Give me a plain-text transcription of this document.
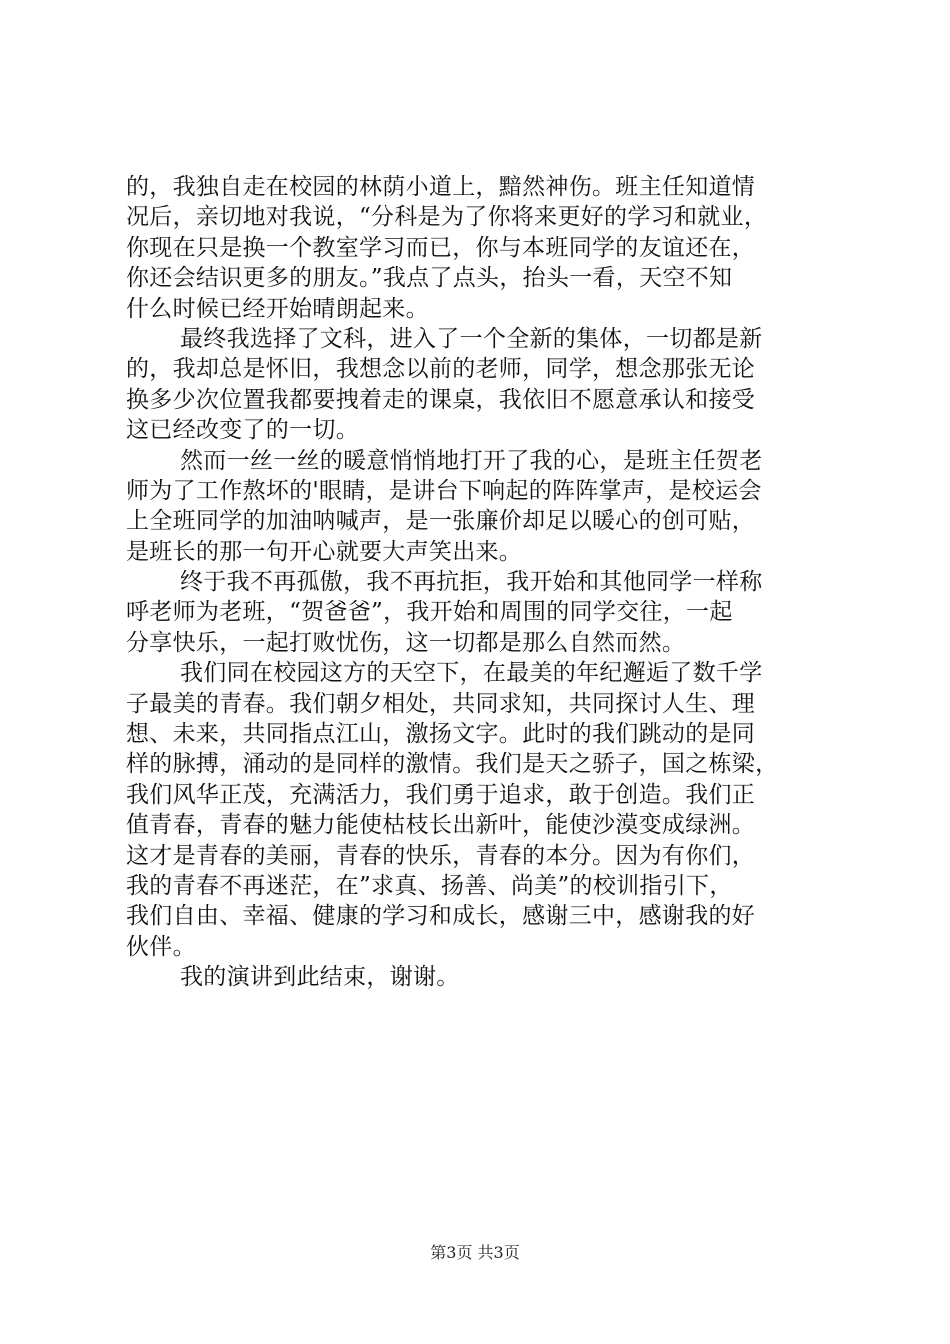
的，我独自走在校园的林荫小道上，黯然神伤。班主任知道情
况后，亲切地对我说，“分科是为了你将来更好的学习和就业，
你现在只是换一个教室学习而已，你与本班同学的友谊还在，
你还会结识更多的朋友。”我点了点头，抬头一看，天空不知
什么时候已经开始晴朗起来。
最终我选择了文科，进入了一个全新的集体，一切都是新
的，我却总是怀旧，我想念以前的老师，同学，想念那张无论
换多少次位置我都要拽着走的课桌，我依旧不愿意承认和接受
这已经改变了的一切。
然而一丝一丝的暖意悄悄地打开了我的心，是班主任贺老
师为了工作熬坏的'眼睛，是讲台下响起的阵阵掌声，是校运会
上全班同学的加油呐喊声，是一张廉价却足以暖心的创可贴，
是班长的那一句开心就要大声笑出来。
终于我不再孤傲，我不再抗拒，我开始和其他同学一样称
呼老师为老班，“贺爸爸”，我开始和周围的同学交往，一起
分享快乐，一起打败忧伤，这一切都是那么自然而然。
我们同在校园这方的天空下，在最美的年纪邂逅了数千学
子最美的青春。我们朝夕相处，共同求知，共同探讨人生、理
想、未来，共同指点江山，激扬文字。此时的我们跳动的是同
样的脉搏，涌动的是同样的激情。我们是天之骄子，国之栋梁，
我们风华正茂，充满活力，我们勇于追求，敢于创造。我们正
值青春，青春的魅力能使枯枝长出新叶，能使沙漠变成绿洲。
这才是青春的美丽，青春的快乐，青春的本分。因为有你们，
我的青春不再迷茫，在”求真、扬善、尚美”的校训指引下，
我们自由、幸福、健康的学习和成长，感谢三中，感谢我的好
伙伴。
我的演讲到此结束，谢谢。
第3页 共3页
